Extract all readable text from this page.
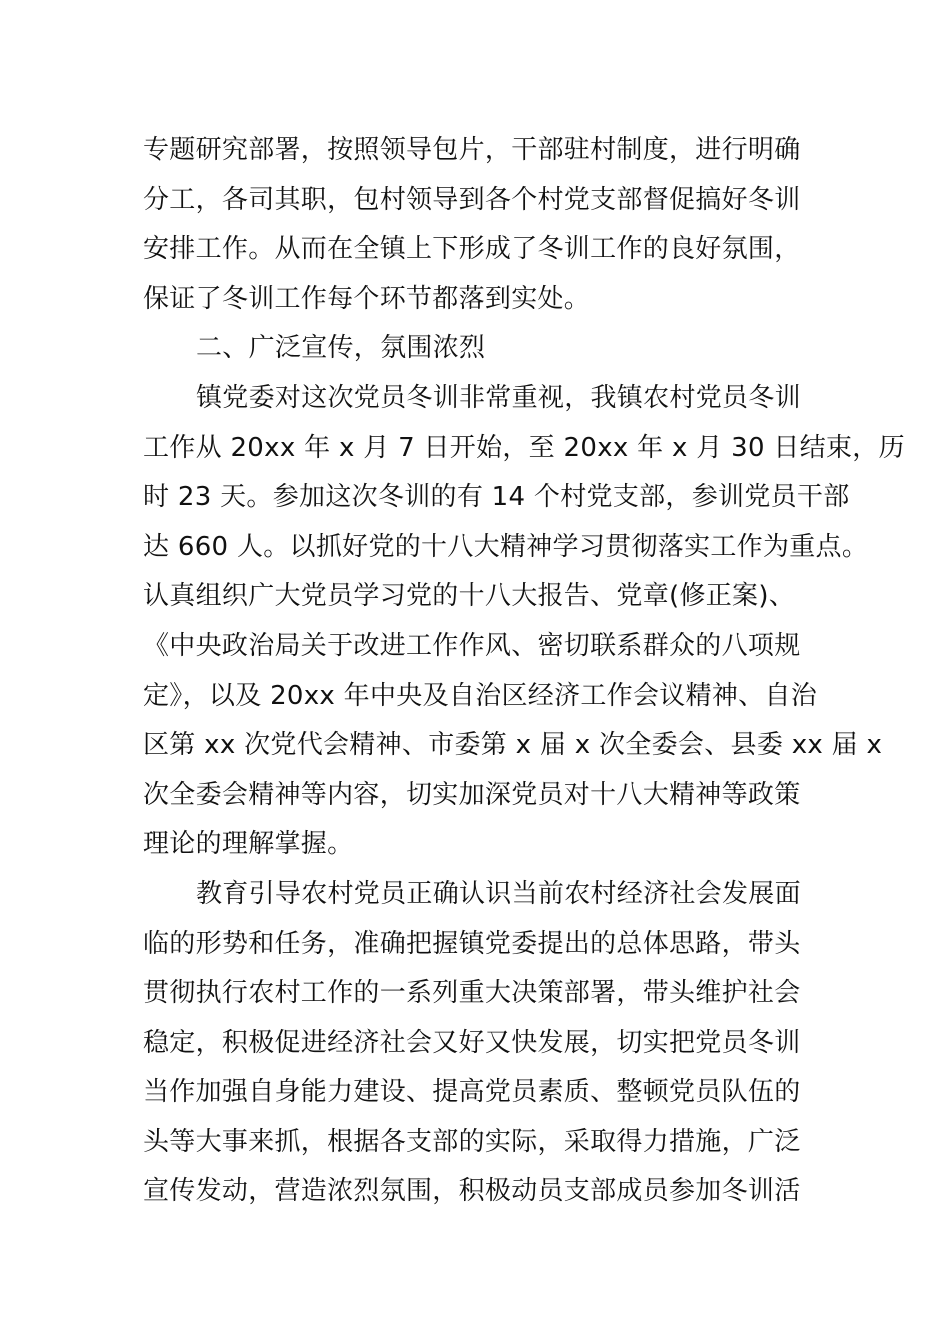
专题研究部署，按照领导包片，干部驻村制度，进行明确
分工，各司其职，包村领导到各个村党支部督促搞好冬训
安排工作。从而在全镇上下形成了冬训工作的良好氛围，
保证了冬训工作每个环节都落到实处。
二、广泛宣传，氛围浓烈
镇党委对这次党员冬训非常重视，我镇农村党员冬训
工作从 20xx 年 x 月 7 日开始，至 20xx 年 x 月 30 日结束，历
时 23 天。参加这次冬训的有 14 个村党支部，参训党员干部
达 660 人。以抓好党的十八大精神学习贯彻落实工作为重点。
认真组织广大党员学习党的十八大报告、党章(修正案)、
《中央政治局关于改进工作作风、密切联系群众的八项规
定》，以及 20xx 年中央及自治区经济工作会议精神、自治
区第 xx 次党代会精神、市委第 x 届 x 次全委会、县委 xx 届 x
次全委会精神等内容，切实加深党员对十八大精神等政策
理论的理解掌握。
教育引导农村党员正确认识当前农村经济社会发展面
临的形势和任务，准确把握镇党委提出的总体思路，带头
贯彻执行农村工作的一系列重大决策部署，带头维护社会
稳定，积极促进经济社会又好又快发展，切实把党员冬训
当作加强自身能力建设、提高党员素质、整顿党员队伍的
头等大事来抓，根据各支部的实际，采取得力措施，广泛
宣传发动，营造浓烈氛围，积极动员支部成员参加冬训活
